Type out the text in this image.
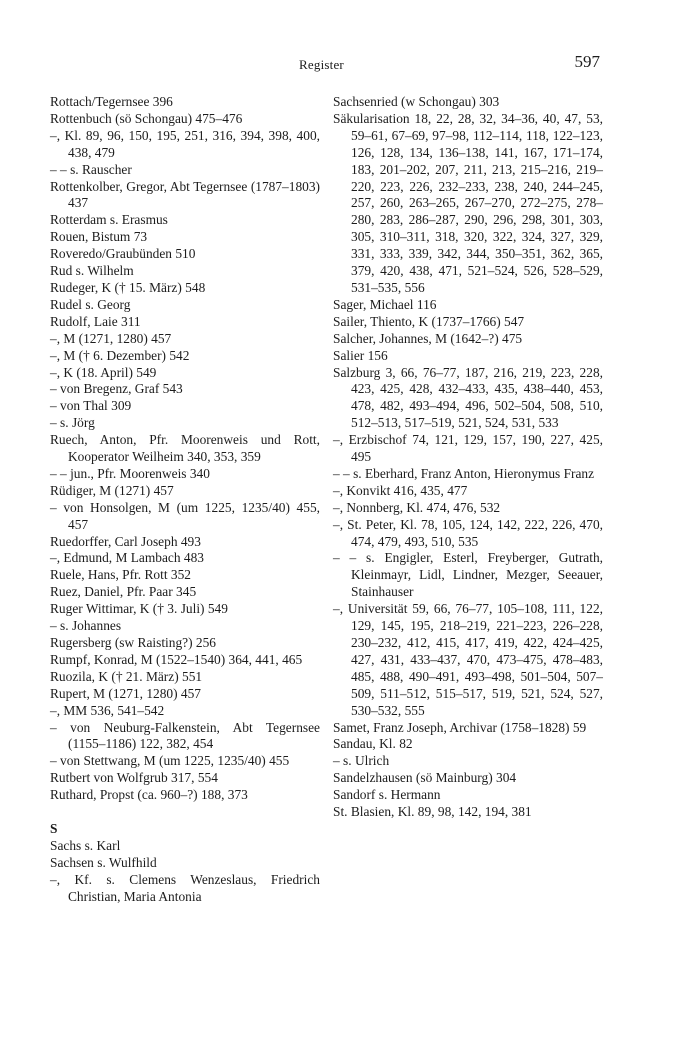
Register	597
Rottach/Tegernsee 396
Rottenbuch (sö Schongau) 475–476
–, Kl. 89, 96, 150, 195, 251, 316, 394, 398, 400, 438, 479
– – s. Rauscher
Rottenkolber, Gregor, Abt Tegernsee (1787–1803) 437
Rotterdam s. Erasmus
Rouen, Bistum 73
Roveredo/Graubünden 510
Rud s. Wilhelm
Rudeger, K († 15. März) 548
Rudel s. Georg
Rudolf, Laie 311
–, M (1271, 1280) 457
–, M († 6. Dezember) 542
–, K (18. April) 549
– von Bregenz, Graf 543
– von Thal 309
– s. Jörg
Ruech, Anton, Pfr. Moorenweis und Rott, Kooperator Weilheim 340, 353, 359
– – jun., Pfr. Moorenweis 340
Rüdiger, M (1271) 457
– von Honsolgen, M (um 1225, 1235/40) 455, 457
Ruedorffer, Carl Joseph 493
–, Edmund, M Lambach 483
Ruele, Hans, Pfr. Rott 352
Ruez, Daniel, Pfr. Paar 345
Ruger Wittimar, K († 3. Juli) 549
– s. Johannes
Rugersberg (sw Raisting?) 256
Rumpf, Konrad, M (1522–1540) 364, 441, 465
Ruozila, K († 21. März) 551
Rupert, M (1271, 1280) 457
–, MM 536, 541–542
– von Neuburg-Falkenstein, Abt Tegernsee (1155–1186) 122, 382, 454
– von Stettwang, M (um 1225, 1235/40) 455
Rutbert von Wolfgrub 317, 554
Ruthard, Propst (ca. 960–?) 188, 373
S
Sachs s. Karl
Sachsen s. Wulfhild
–, Kf. s. Clemens Wenzeslaus, Friedrich Christian, Maria Antonia
Sachsenried (w Schongau) 303
Säkularisation 18, 22, 28, 32, 34–36, 40, 47, 53, 59–61, 67–69, 97–98, 112–114, 118, 122–123, 126, 128, 134, 136–138, 141, 167, 171–174, 183, 201–202, 207, 211, 213, 215–216, 219–220, 223, 226, 232–233, 238, 240, 244–245, 257, 260, 263–265, 267–270, 272–275, 278–280, 283, 286–287, 290, 296, 298, 301, 303, 305, 310–311, 318, 320, 322, 324, 327, 329, 331, 333, 339, 342, 344, 350–351, 362, 365, 379, 420, 438, 471, 521–524, 526, 528–529, 531–535, 556
Sager, Michael 116
Sailer, Thiento, K (1737–1766) 547
Salcher, Johannes, M (1642–?) 475
Salier 156
Salzburg 3, 66, 76–77, 187, 216, 219, 223, 228, 423, 425, 428, 432–433, 435, 438–440, 453, 478, 482, 493–494, 496, 502–504, 508, 510, 512–513, 517–519, 521, 524, 531, 533
–, Erzbischof 74, 121, 129, 157, 190, 227, 425, 495
– – s. Eberhard, Franz Anton, Hieronymus Franz
–, Konvikt 416, 435, 477
–, Nonnberg, Kl. 474, 476, 532
–, St. Peter, Kl. 78, 105, 124, 142, 222, 226, 470, 474, 479, 493, 510, 535
– – s. Engigler, Esterl, Freyberger, Gutrath, Kleinmayr, Lidl, Lindner, Mezger, Seeauer, Stainhauser
–, Universität 59, 66, 76–77, 105–108, 111, 122, 129, 145, 195, 218–219, 221–223, 226–228, 230–232, 412, 415, 417, 419, 422, 424–425, 427, 431, 433–437, 470, 473–475, 478–483, 485, 488, 490–491, 493–498, 501–504, 507–509, 511–512, 515–517, 519, 521, 524, 527, 530–532, 555
Samet, Franz Joseph, Archivar (1758–1828) 59
Sandau, Kl. 82
– s. Ulrich
Sandelzhausen (sö Mainburg) 304
Sandorf s. Hermann
St. Blasien, Kl. 89, 98, 142, 194, 381
